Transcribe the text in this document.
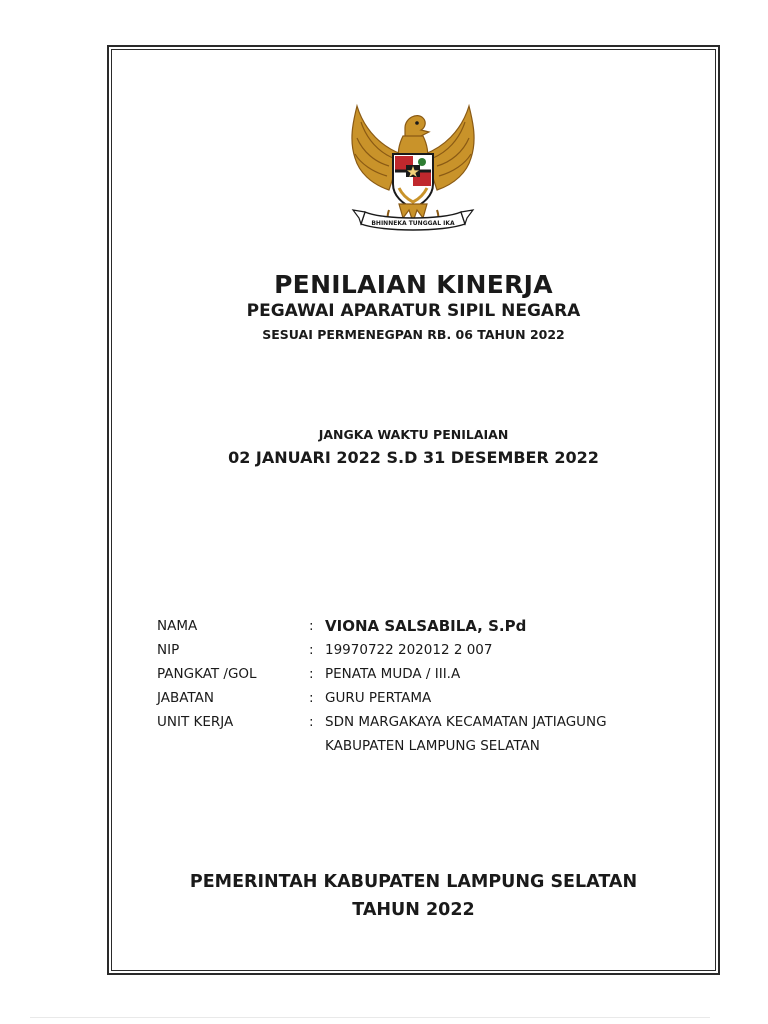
BHINNEKA TUNGGAL IKA
PENILAIAN KINERJA
PEGAWAI APARATUR SIPIL NEGARA
SESUAI PERMENEGPAN RB. 06 TAHUN 2022
JANGKA WAKTU PENILAIAN
02 JANUARI 2022 S.D 31 DESEMBER 2022
NAMA	: VIONA SALSABILA, S.Pd
NIP	: 19970722 202012 2 007
PANGKAT /GOL	: PENATA MUDA / III.A
JABATAN	: GURU PERTAMA
UNIT KERJA	: SDN MARGAKAYA KECAMATAN JATIAGUNG
KABUPATEN LAMPUNG SELATAN
PEMERINTAH KABUPATEN LAMPUNG SELATAN
TAHUN 2022
